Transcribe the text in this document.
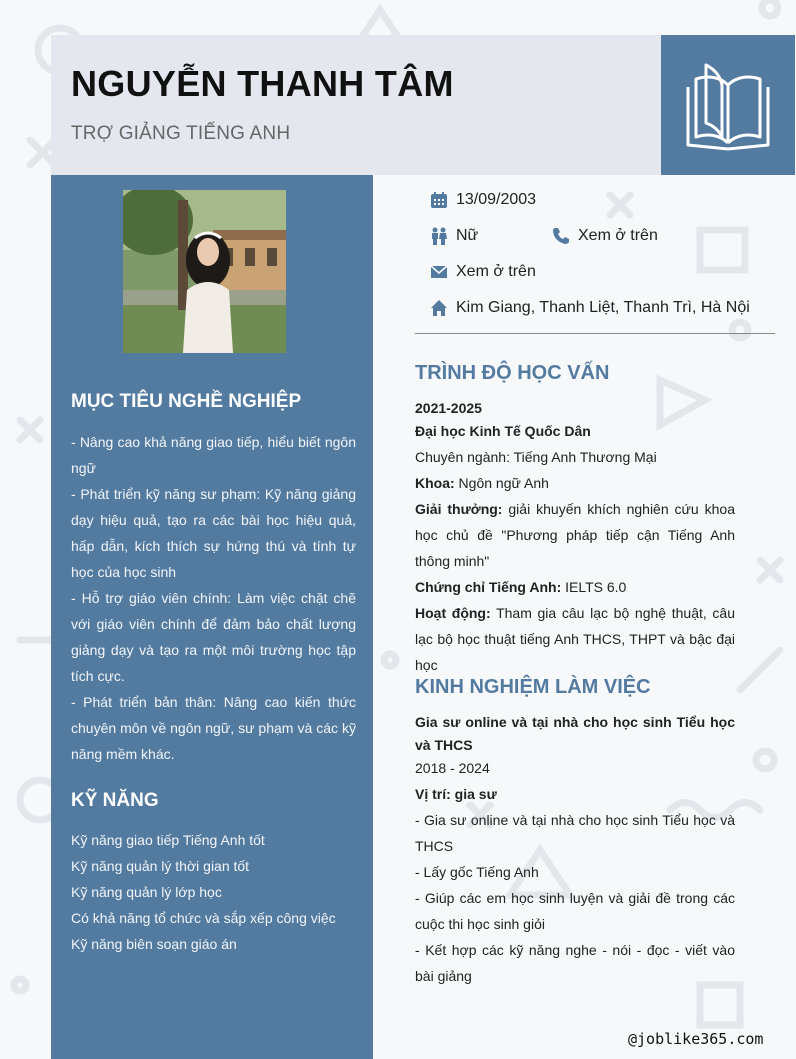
NGUYỄN THANH TÂM
TRỢ GIẢNG TIẾNG ANH
MỤC TIÊU NGHỀ NGHIỆP

- Nâng cao khả năng giao tiếp, hiểu biết ngôn ngữ

- Phát triển kỹ năng sư phạm: Kỹ năng giảng dạy hiệu quả, tạo ra các bài học hiệu quả, hấp dẫn, kích thích sự hứng thú và tính tự học của học sinh

- Hỗ trợ giáo viên chính: Làm việc chặt chẽ với giáo viên chính để đảm bảo chất lượng giảng dạy và tạo ra một môi trường học tập tích cực.

- Phát triển bản thân: Nâng cao kiến thức chuyên môn về ngôn ngữ, sư phạm và các kỹ năng mềm khác.

KỸ NĂNG
Kỹ năng giao tiếp Tiếng Anh tốt
Kỹ năng quản lý thời gian tốt
Kỹ năng quản lý lớp học
Có khả năng tổ chức và sắp xếp công việc
Kỹ năng biên soạn giáo án
13/09/2003
Nữ	Xem ở trên
Xem ở trên
Kim Giang, Thanh Liệt, Thanh Trì, Hà Nội
TRÌNH ĐỘ HỌC VẤN

2021-2025

Đại học Kinh Tế Quốc Dân

Chuyên ngành: Tiếng Anh Thương Mại

Khoa: Ngôn ngữ Anh

Giải thưởng: giải khuyến khích nghiên cứu khoa học chủ đề "Phương pháp tiếp cận Tiếng Anh thông minh"

Chứng chỉ Tiếng Anh: IELTS 6.0

Hoạt động: Tham gia câu lạc bộ nghệ thuật, câu lạc bộ học thuật tiếng Anh THCS, THPT và bậc đại học

KINH NGHIỆM LÀM VIỆC

Gia sư online và tại nhà cho học sinh Tiểu học và THCS

2018 - 2024

Vị trí: gia sư

- Gia sư online và tại nhà cho học sinh Tiểu học và THCS

- Lấy gốc Tiếng Anh

- Giúp các em học sinh luyện và giải đề trong các cuộc thi học sinh giỏi

- Kết hợp các kỹ năng nghe - nói - đọc - viết vào bài giảng

@joblike365.com
